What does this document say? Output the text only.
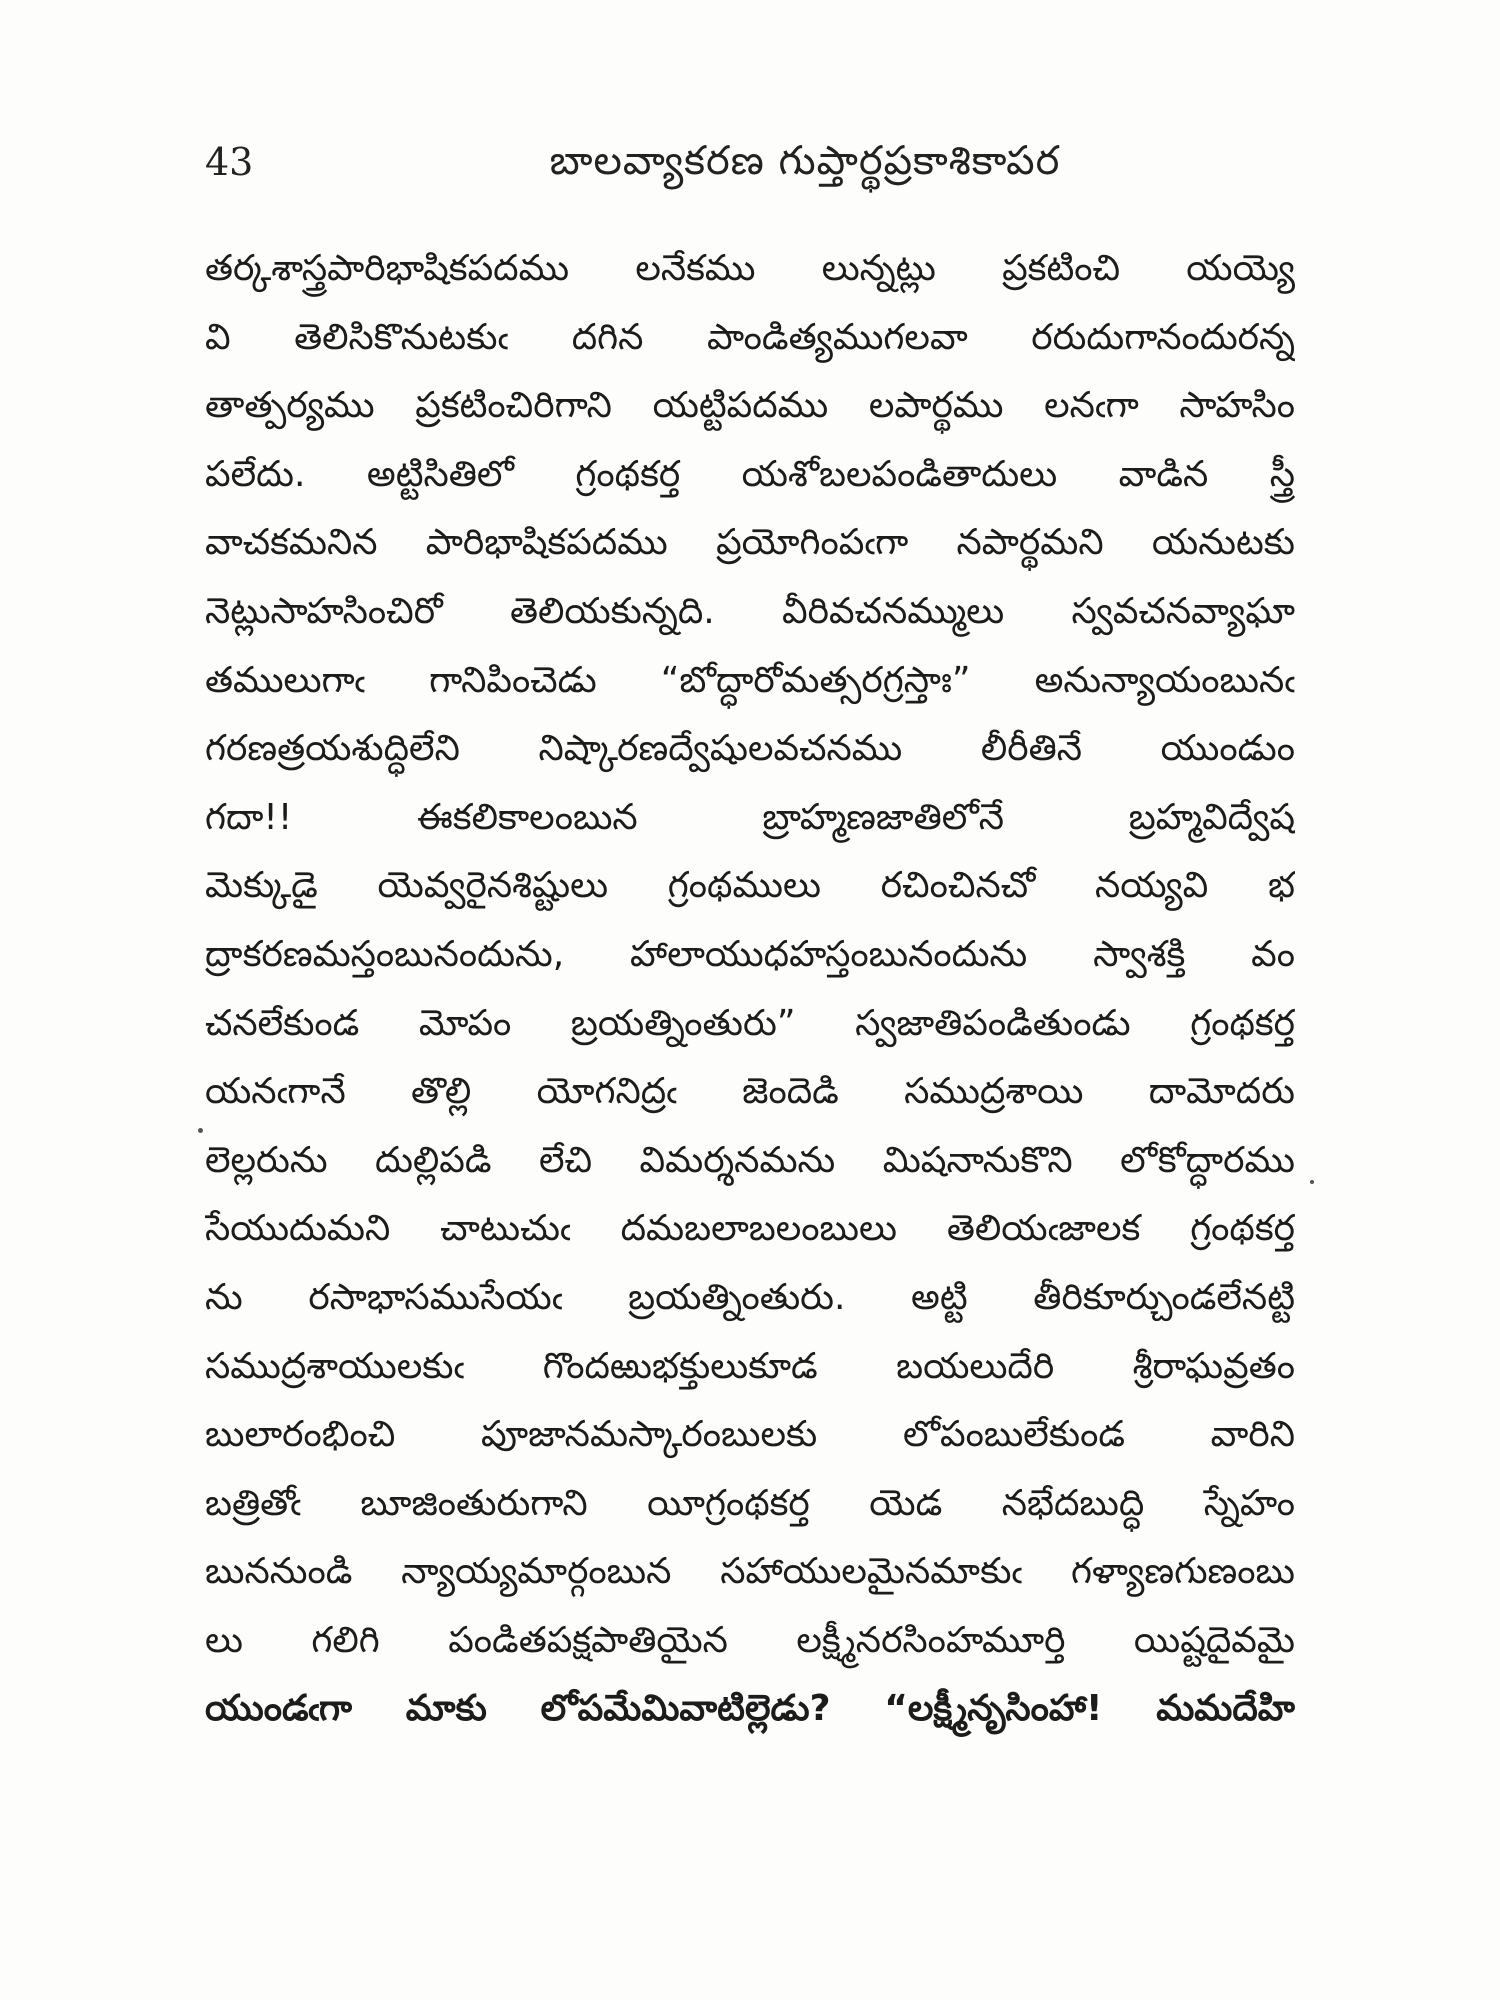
43	బాలవ్యాకరణ గుప్తార్థప్రకాశికాపర
తర్కశాస్త్రపారిభాషికపదము లనేకము లున్నట్లు ప్రకటించి యయ్యె
వి తెలిసికొనుటకుఁ దగిన పాండిత్యముగలవా రరుదుగానందురన్న
తాత్పర్యము ప్రకటించిరిగాని యట్టిపదము లపార్థము లనఁగా సాహసిం
పలేదు. అట్టిసితిలో గ్రంథకర్త యశోబలపండితాదులు వాడిన స్త్రీ
వాచకమనిన పారిభాషికపదము ప్రయోగింపఁగా నపార్థమని యనుటకు
నెట్లుసాహసించిరో తెలియకున్నది. వీరివచనమ్ములు స్వవచనవ్యాఘా
తములుగాఁ గానిపించెడు “బోద్ధారోమత్సరగ్రస్తాః” అనున్యాయంబునఁ
గరణత్రయశుద్ధిలేని నిష్కారణద్వేషులవచనము లీరీతినే యుండుం
గదా!! ఈకలికాలంబున బ్రాహ్మణజాతిలోనే బ్రహ్మవిద్వేష
మెక్కుడై యెవ్వరైనశిష్టులు గ్రంథములు రచించినచో నయ్యవి భ
ద్రాకరణమస్తంబునందును, హాలాయుధహస్తంబునందును స్వాశక్తి వం
చనలేకుండ మోపం బ్రయత్నింతురు” స్వజాతిపండితుండు గ్రంథకర్త
యనఁగానే తొల్లి యోగనిద్రఁ జెందెడి సముద్రశాయి దామోదరు
లెల్లరును దుల్లిపడి లేచి విమర్శనమను మిషనానుకొని లోకోద్ధారము
సేయుదుమని చాటుచుఁ దమబలాబలంబులు తెలియఁజాలక గ్రంథకర్త
ను రసాభాసముసేయఁ బ్రయత్నింతురు. అట్టి తీరికూర్చుండలేనట్టి
సముద్రశాయులకుఁ గొందఱుభక్తులుకూడ బయలుదేరి శ్రీరాఘవ్రతం
బులారంభించి పూజానమస్కారంబులకు లోపంబులేకుండ వారిని
బత్రితోఁ బూజింతురుగాని యీగ్రంథకర్త యెడ నభేదబుద్ధి స్నేహం
బుననుండి న్యాయ్యమార్గంబున సహాయులమైనమాకుఁ గళ్యాణగుణంబు
లు గలిగి పండితపక్షపాతియైన లక్ష్మీనరసింహమూర్తి యిష్టదైవమై
యుండఁగా మాకు లోపమేమివాటిల్లెడు? “లక్ష్మీనృసింహా! మమదేహి
